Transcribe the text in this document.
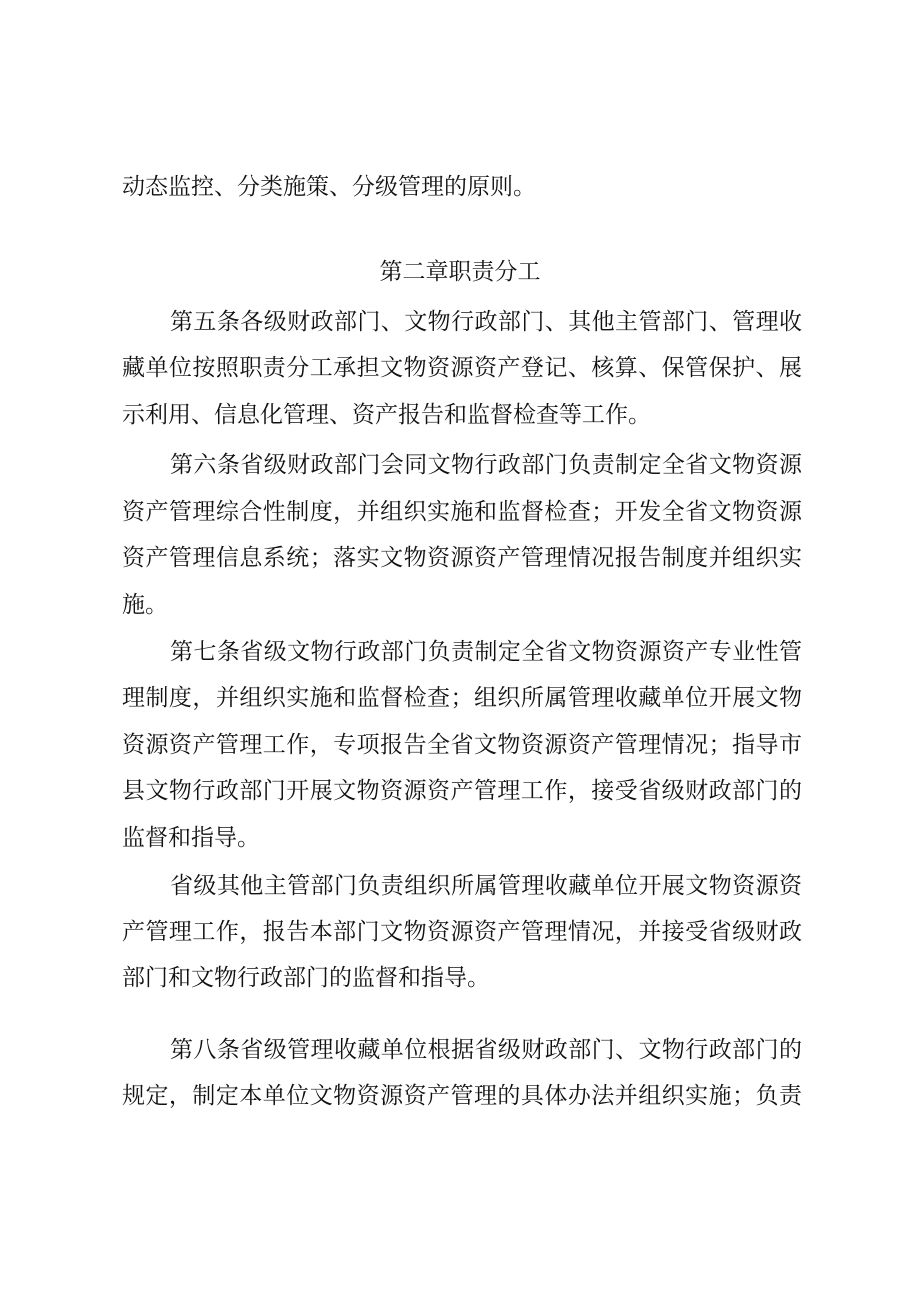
动态监控、分类施策、分级管理的原则。
第二章职责分工
第五条各级财政部门、文物行政部门、其他主管部门、管理收
藏单位按照职责分工承担文物资源资产登记、核算、保管保护、展
示利用、信息化管理、资产报告和监督检查等工作。
第六条省级财政部门会同文物行政部门负责制定全省文物资源
资产管理综合性制度，并组织实施和监督检查；开发全省文物资源
资产管理信息系统；落实文物资源资产管理情况报告制度并组织实
施。
第七条省级文物行政部门负责制定全省文物资源资产专业性管
理制度，并组织实施和监督检查；组织所属管理收藏单位开展文物
资源资产管理工作，专项报告全省文物资源资产管理情况；指导市
县文物行政部门开展文物资源资产管理工作，接受省级财政部门的
监督和指导。
省级其他主管部门负责组织所属管理收藏单位开展文物资源资
产管理工作，报告本部门文物资源资产管理情况，并接受省级财政
部门和文物行政部门的监督和指导。
第八条省级管理收藏单位根据省级财政部门、文物行政部门的
规定，制定本单位文物资源资产管理的具体办法并组织实施；负责
